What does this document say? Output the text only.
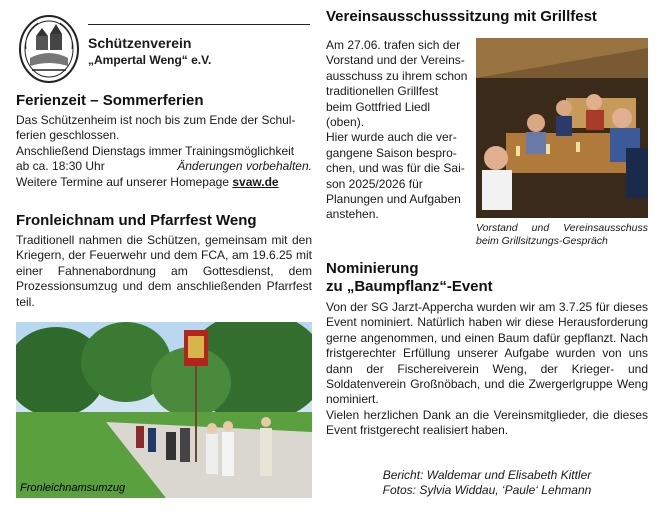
Schützenverein
„Ampertal Weng“ e.V.
Ferienzeit – Sommerferien

Das Schützenheim ist noch bis zum Ende der Schul-

ferien geschlossen.

Anschließend Dienstags immer Trainingsmöglichkeit

ab ca. 18:30 Uhr	Änderungen vorbehalten.

Weitere Termine auf unserer Homepage svaw.de

Fronleichnam und Pfarrfest Weng

Traditionell nahmen die Schützen, gemeinsam mit den Kriegern, der Feuerwehr und dem FCA, am 19.6.25 mit einer Fahnenabordnung am Gottesdienst, dem Prozessionsumzug und dem anschließenden Pfarrfest teil.

Fronleichnamsumzug
Vereinsausschusssitzung mit Grillfest

Am 27.06. trafen sich der

Vorstand und der Vereins-

ausschuss zu ihrem schon

traditionellen Grillfest

beim Gottfried Liedl

(oben).

Hier wurde auch die ver-

gangene Saison bespro-

chen, und was für die Sai-

son 2025/2026 für

Planungen und Aufgaben

anstehen.

Vorstand und Vereinsausschuss beim Grillsitzungs-Gespräch
Nominierung
zu „Baumpflanz“-Event

Von der SG Jarzt-Appercha wurden wir am 3.7.25 für dieses Event nominiert. Natürlich haben wir diese Herausforderung gerne angenommen, und einen Baum dafür gepflanzt. Nach fristgerechter Erfüllung unserer Aufgabe wurden von uns dann der Fischereiverein Weng, der Krieger- und Soldatenverein Großnöbach, und die Zwergerlgruppe Weng nominiert.

Vielen herzlichen Dank an die Vereinsmitglieder, die dieses Event fristgerecht realisiert haben.

Bericht: Waldemar und Elisabeth Kittler
Fotos: Sylvia Widdau, ‘Paule‘ Lehmann
